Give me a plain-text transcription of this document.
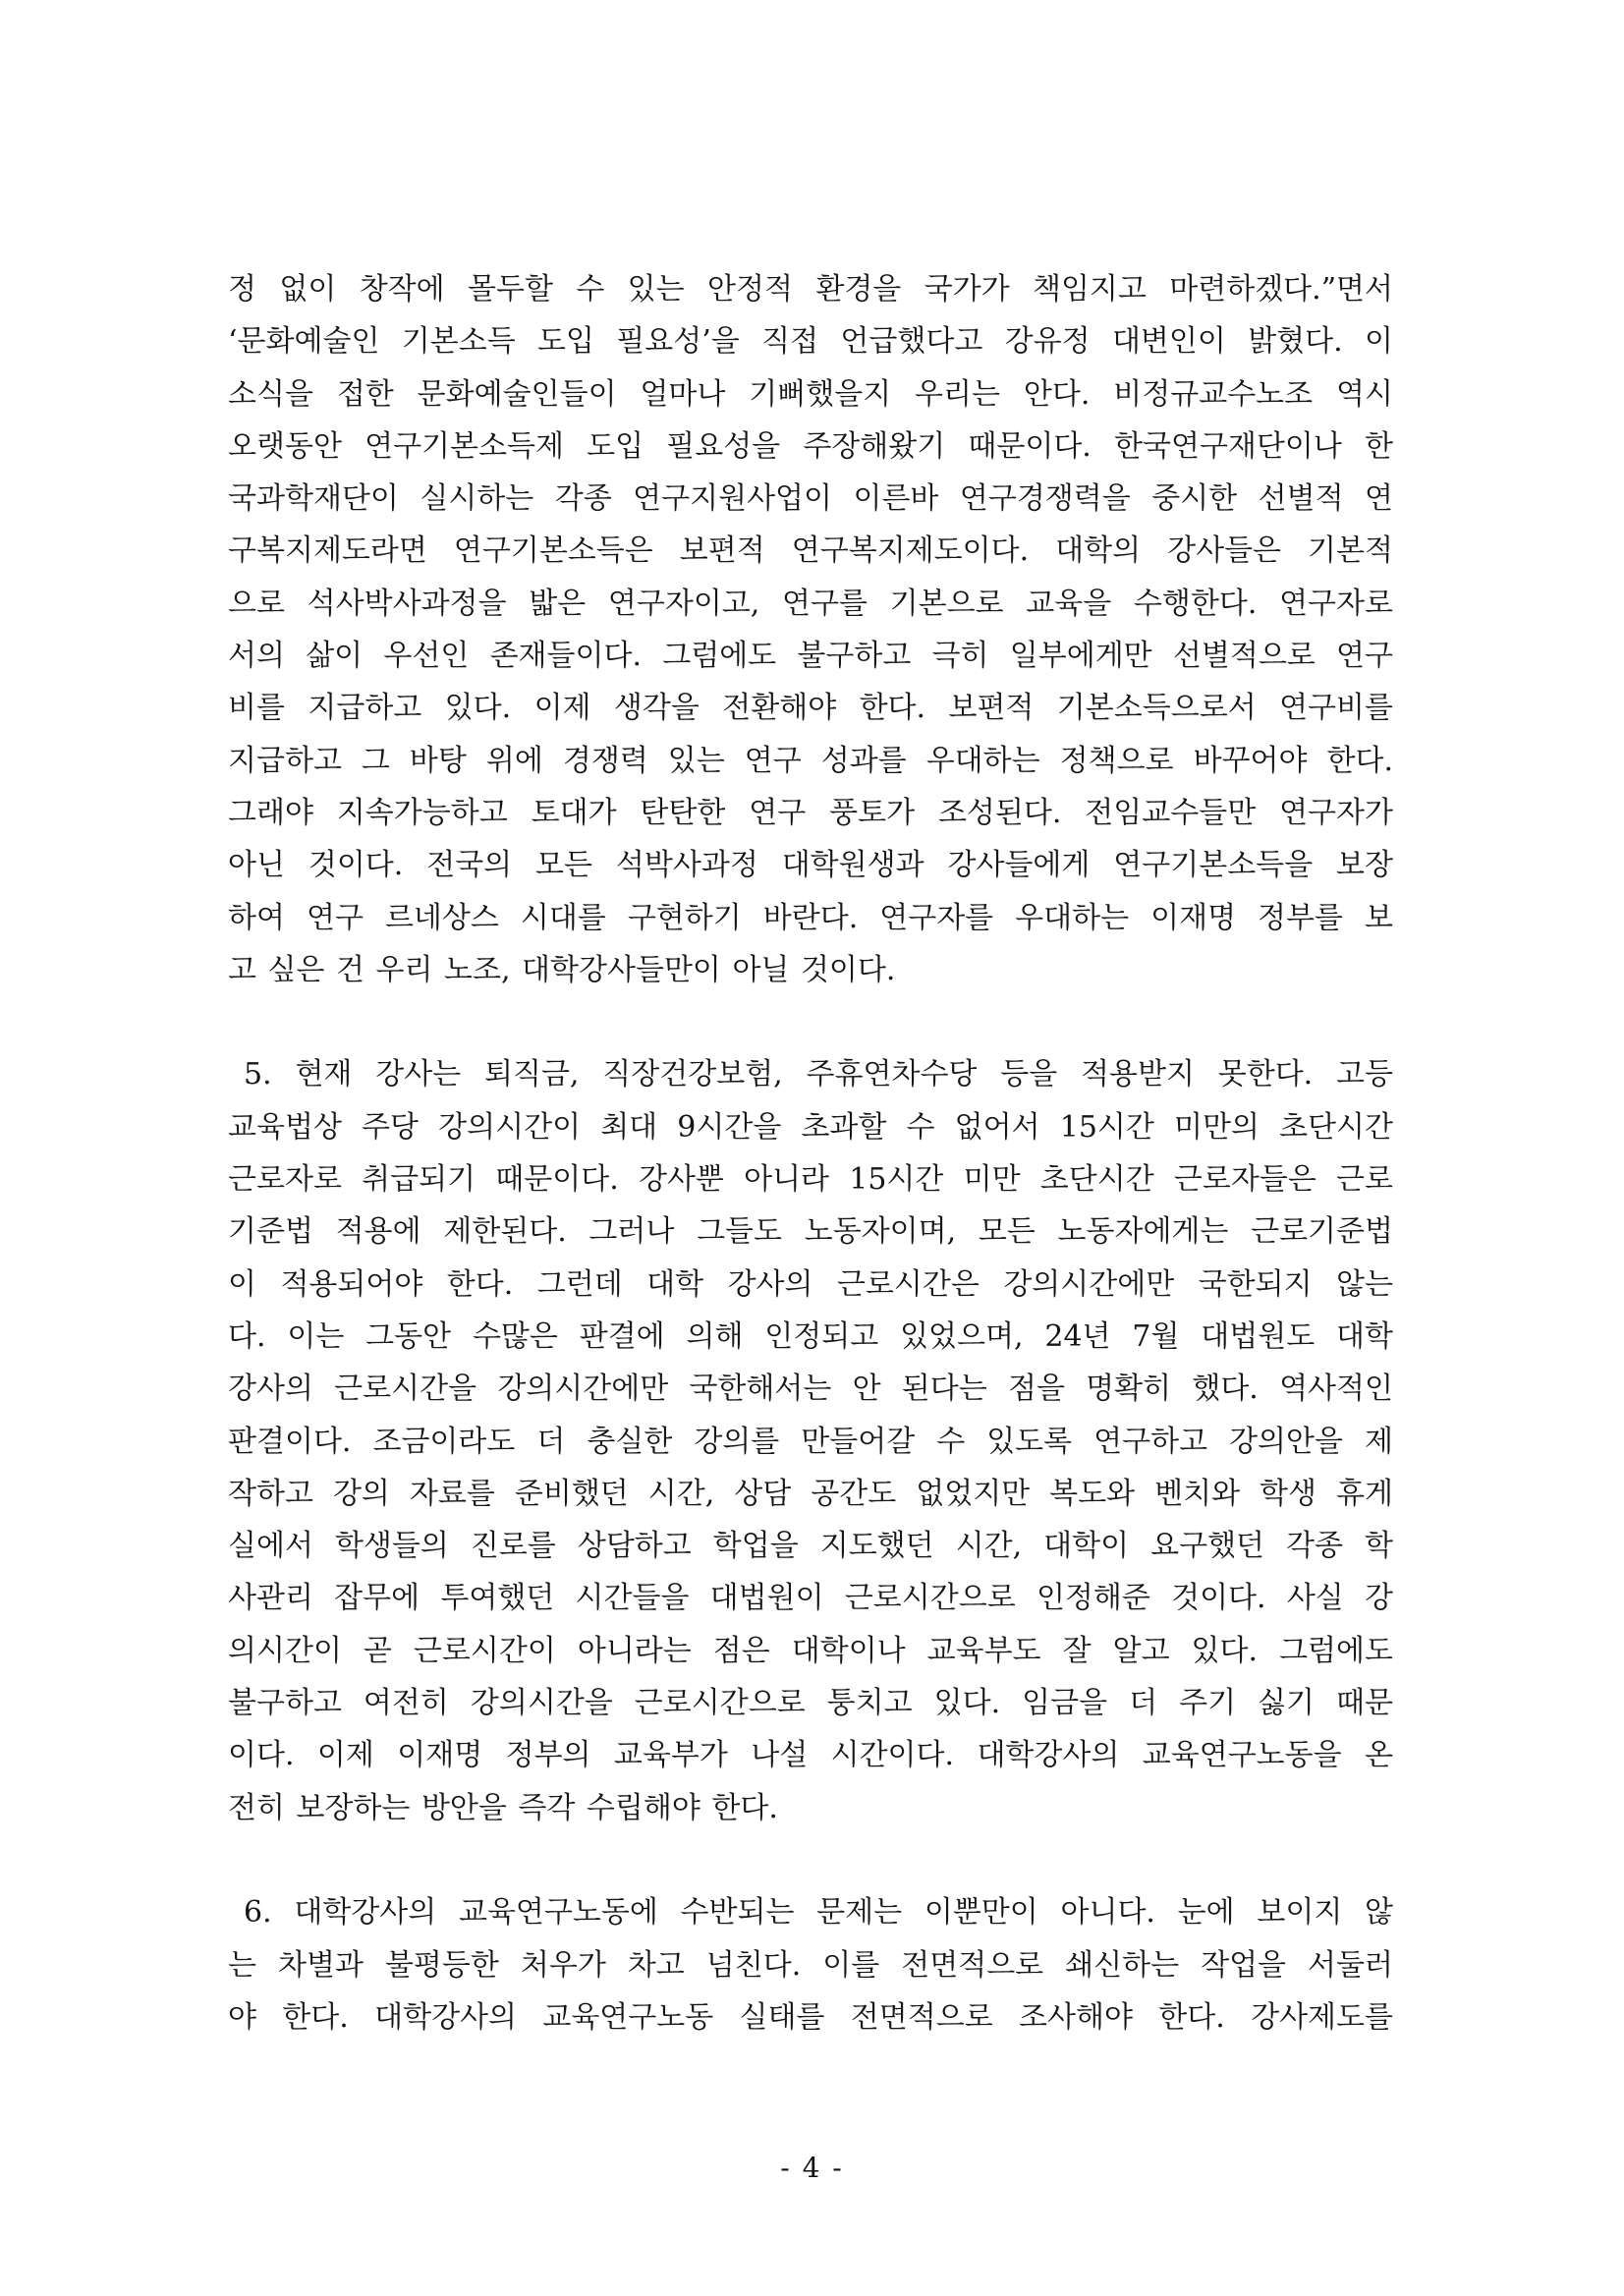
정 없이 창작에 몰두할 수 있는 안정적 환경을 국가가 책임지고 마련하겠다.”면서
‘문화예술인 기본소득 도입 필요성’을 직접 언급했다고 강유정 대변인이 밝혔다. 이
소식을 접한 문화예술인들이 얼마나 기뻐했을지 우리는 안다. 비정규교수노조 역시
오랫동안 연구기본소득제 도입 필요성을 주장해왔기 때문이다. 한국연구재단이나 한
국과학재단이 실시하는 각종 연구지원사업이 이른바 연구경쟁력을 중시한 선별적 연
구복지제도라면 연구기본소득은 보편적 연구복지제도이다. 대학의 강사들은 기본적
으로 석사박사과정을 밟은 연구자이고, 연구를 기본으로 교육을 수행한다. 연구자로
서의 삶이 우선인 존재들이다. 그럼에도 불구하고 극히 일부에게만 선별적으로 연구
비를 지급하고 있다. 이제 생각을 전환해야 한다. 보편적 기본소득으로서 연구비를
지급하고 그 바탕 위에 경쟁력 있는 연구 성과를 우대하는 정책으로 바꾸어야 한다.
그래야 지속가능하고 토대가 탄탄한 연구 풍토가 조성된다. 전임교수들만 연구자가
아닌 것이다. 전국의 모든 석박사과정 대학원생과 강사들에게 연구기본소득을 보장
하여 연구 르네상스 시대를 구현하기 바란다. 연구자를 우대하는 이재명 정부를 보
고 싶은 건 우리 노조, 대학강사들만이 아닐 것이다.
5. 현재 강사는 퇴직금, 직장건강보험, 주휴연차수당 등을 적용받지 못한다. 고등
교육법상 주당 강의시간이 최대 9시간을 초과할 수 없어서 15시간 미만의 초단시간
근로자로 취급되기 때문이다. 강사뿐 아니라 15시간 미만 초단시간 근로자들은 근로
기준법 적용에 제한된다. 그러나 그들도 노동자이며, 모든 노동자에게는 근로기준법
이 적용되어야 한다. 그런데 대학 강사의 근로시간은 강의시간에만 국한되지 않는
다. 이는 그동안 수많은 판결에 의해 인정되고 있었으며, 24년 7월 대법원도 대학
강사의 근로시간을 강의시간에만 국한해서는 안 된다는 점을 명확히 했다. 역사적인
판결이다. 조금이라도 더 충실한 강의를 만들어갈 수 있도록 연구하고 강의안을 제
작하고 강의 자료를 준비했던 시간, 상담 공간도 없었지만 복도와 벤치와 학생 휴게
실에서 학생들의 진로를 상담하고 학업을 지도했던 시간, 대학이 요구했던 각종 학
사관리 잡무에 투여했던 시간들을 대법원이 근로시간으로 인정해준 것이다. 사실 강
의시간이 곧 근로시간이 아니라는 점은 대학이나 교육부도 잘 알고 있다. 그럼에도
불구하고 여전히 강의시간을 근로시간으로 퉁치고 있다. 임금을 더 주기 싫기 때문
이다. 이제 이재명 정부의 교육부가 나설 시간이다. 대학강사의 교육연구노동을 온
전히 보장하는 방안을 즉각 수립해야 한다.
6. 대학강사의 교육연구노동에 수반되는 문제는 이뿐만이 아니다. 눈에 보이지 않
는 차별과 불평등한 처우가 차고 넘친다. 이를 전면적으로 쇄신하는 작업을 서둘러
야 한다. 대학강사의 교육연구노동 실태를 전면적으로 조사해야 한다. 강사제도를
- 4 -
